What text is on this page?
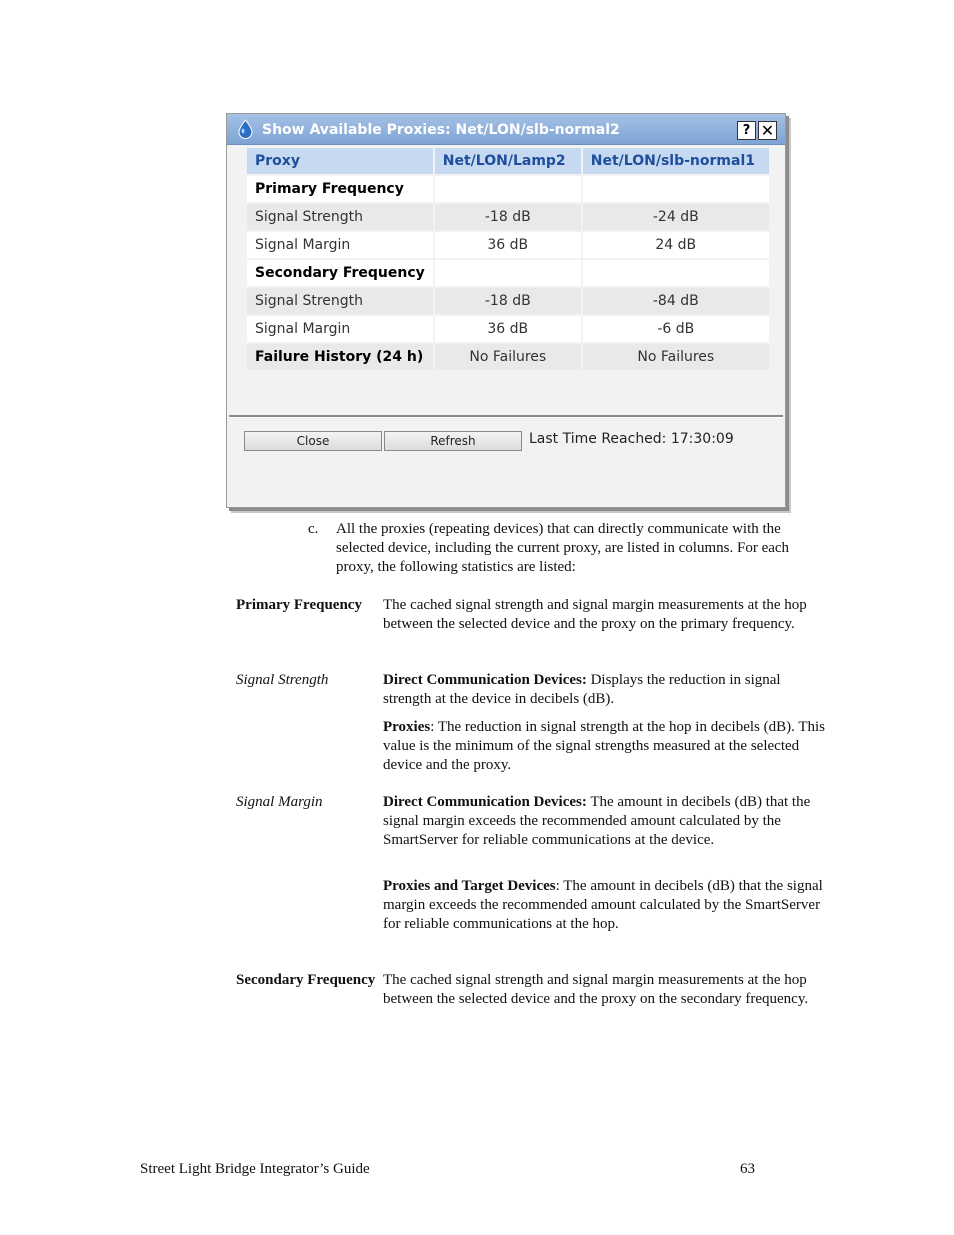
Show Available Proxies: Net/LON/slb-normal2	? ✕
Proxy	Net/LON/Lamp2	Net/LON/slb-normal1
Primary Frequency		
Signal Strength	-18 dB	-24 dB
Signal Margin	36 dB	24 dB
Secondary Frequency		
Signal Strength	-18 dB	-84 dB
Signal Margin	36 dB	-6 dB
Failure History (24 h)	No Failures	No Failures
Close	Refresh	Last Time Reached: 17:30:09
c. All the proxies (repeating devices) that can directly communicate with the selected device, including the current proxy, are listed in columns. For each proxy, the following statistics are listed:
Primary Frequency	The cached signal strength and signal margin measurements at the hop between the selected device and the proxy on the primary frequency.
Signal Strength	Direct Communication Devices: Displays the reduction in signal strength at the device in decibels (dB).
Proxies: The reduction in signal strength at the hop in decibels (dB). This value is the minimum of the signal strengths measured at the selected device and the proxy.
Signal Margin	Direct Communication Devices: The amount in decibels (dB) that the signal margin exceeds the recommended amount calculated by the SmartServer for reliable communications at the device.
Proxies and Target Devices: The amount in decibels (dB) that the signal margin exceeds the recommended amount calculated by the SmartServer for reliable communications at the hop.
Secondary Frequency The cached signal strength and signal margin measurements at the hop between the selected device and the proxy on the secondary frequency.
Street Light Bridge Integrator’s Guide	63
